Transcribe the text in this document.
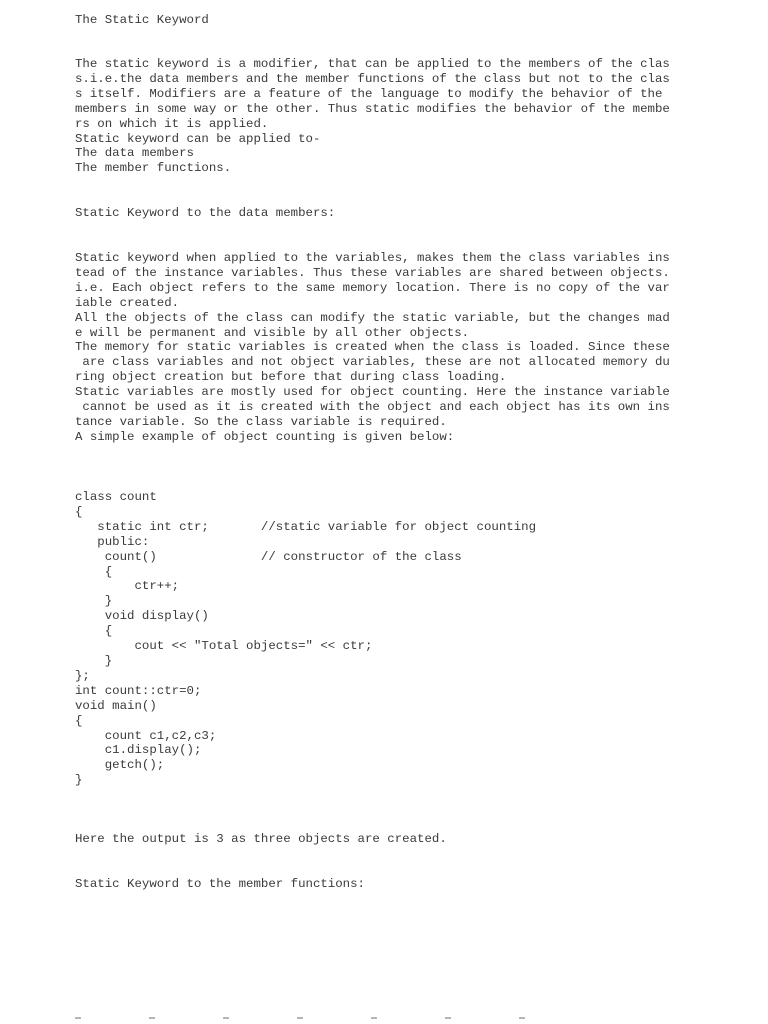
The Static Keyword

The static keyword is a modifier, that can be applied to the members of the clas
s.i.e.the data members and the member functions of the class but not to the clas
s itself. Modifiers are a feature of the language to modify the behavior of the
members in some way or the other. Thus static modifies the behavior of the membe
rs on which it is applied.
Static keyword can be applied to-
The data members
The member functions.

Static Keyword to the data members:

Static keyword when applied to the variables, makes them the class variables ins
tead of the instance variables. Thus these variables are shared between objects.
i.e. Each object refers to the same memory location. There is no copy of the var
iable created.
All the objects of the class can modify the static variable, but the changes mad
e will be permanent and visible by all other objects.
The memory for static variables is created when the class is loaded. Since these
are class variables and not object variables, these are not allocated memory du
ring object creation but before that during class loading.
Static variables are mostly used for object counting. Here the instance variable
cannot be used as it is created with the object and each object has its own ins
tance variable. So the class variable is required.
A simple example of object counting is given below:

class count
{
static int ctr;       //static variable for object counting
public:
count()              // constructor of the class
{
ctr++;
}
void display()
{
cout << "Total objects=" << ctr;
}
};
int count::ctr=0;
void main()
{
count c1,c2,c3;
c1.display();
getch();
}

Here the output is 3 as three objects are created.

Static Keyword to the member functions:
